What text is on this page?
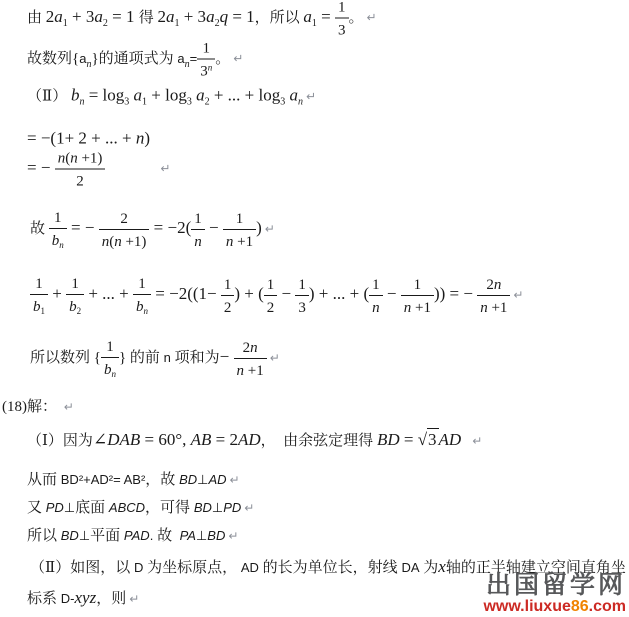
由 $2a_1 + 3a_2 = 1$ 得 $2a_1 + 3a_2q = 1$，所以 $a_1 = \frac{1}{3}$ 。 ↵
故数列$\{a_n\}$的通项式为 $a_n= \frac{1}{3^n}$ 。 ↵
（Ⅱ） $b_n = \log_3 a_1 + \log_3 a_2$ + ... + $\log_3 a_n$ ↵
= −(1+ 2 + ... + n)
= − $\frac{n(n +1)}{2}$	↵
故 $\frac{1}{bn}$ = − $\frac{2}{n(n +1)} = -2( \frac{1}{n} - \frac{1}{n +1}$ ) ↵
$\frac{1}{b1} + \frac{1}{b2}$ + ... + $\frac{1}{bn} = -2((1- \frac{1}{2}$ ) + ( $\frac{1}{2} - \frac{1}{3}$ ) + ... + ( $\frac{1}{n} - \frac{1}{n +1}$ )) = − $\frac{2n}{n +1}$ ↵
所以数列 { $\frac{1}{bn}$ } 的前 n 项和为− $\frac{2n}{n +1}$ ↵
(18)解： ↵
（Ⅰ）因为∠DAB = 60°, AB = 2AD，  由余弦定理得 BD = √3 AD ↵
从而 BD²+AD²= AB²，故 BD⊥AD ↵
又 PD⊥底面 ABCD，可得 BD⊥PD ↵
所以 BD⊥平面 PAD. 故  PA⊥BD ↵
（Ⅱ）如图，以 D 为坐标原点， AD 的长为单位长，射线 DA 为x轴的正半轴建立空间直角坐
标系 D-xyz，则 ↵	出国留学网
www.liuxue86.com
